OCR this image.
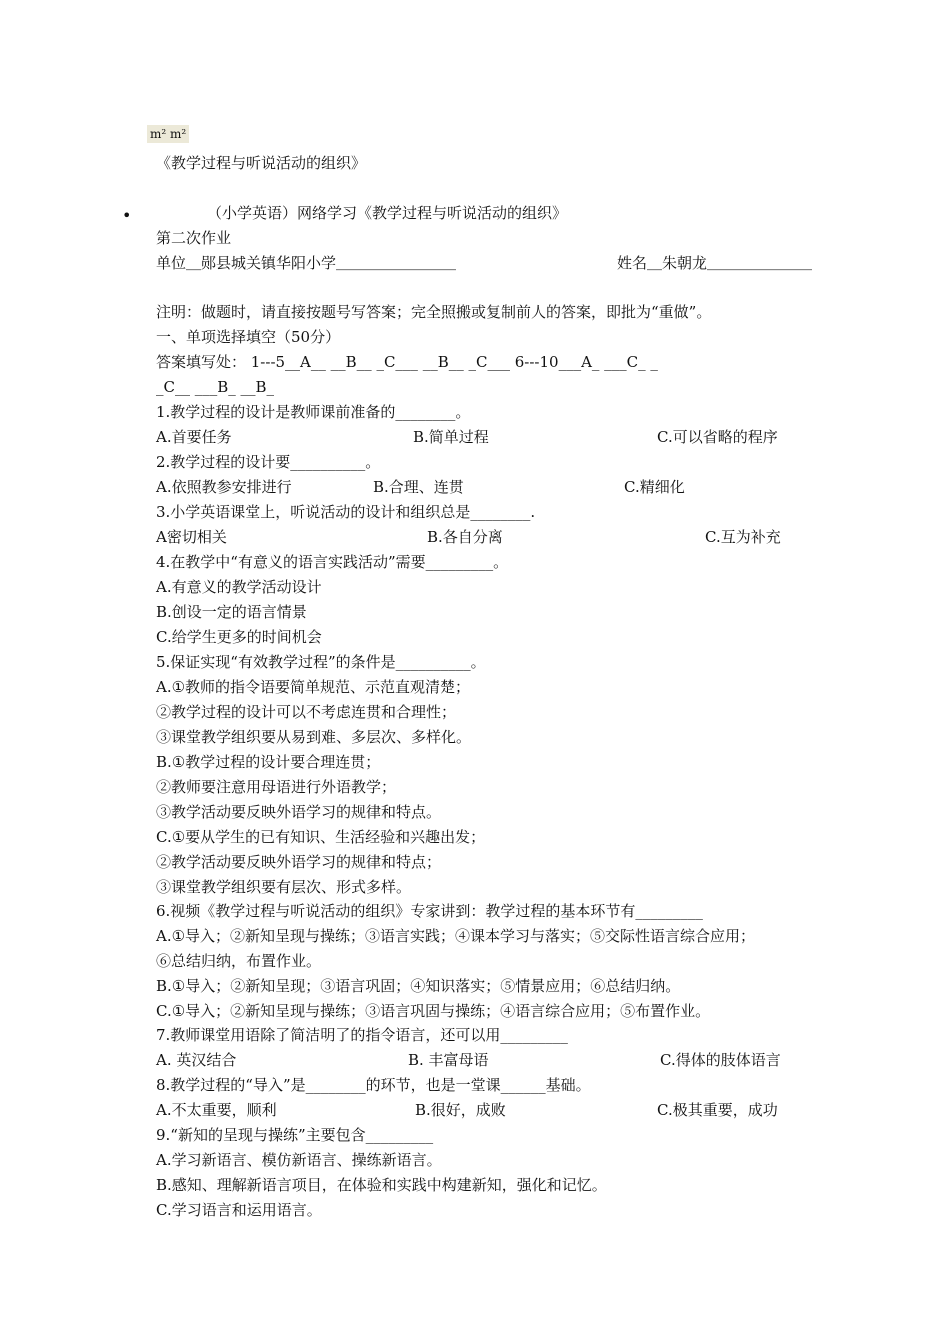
m² m²
《教学过程与听说活动的组织》
•	（小学英语）网络学习《教学过程与听说活动的组织》
第二次作业
单位＿郧县城关镇华阳小学＿＿＿＿＿＿＿＿	姓名＿朱朝龙＿＿＿＿＿＿＿
注明：做题时，请直接按题号写答案；完全照搬或复制前人的答案，即批为“重做”。
一、单项选择填空（50分）
答案填写处： 1---5__A__ __B__ _C___ __B__ _C___ 6---10___A_ ___C_ _
_C__ ___B_ __B_
1.教学过程的设计是教师课前准备的________。
A.首要任务	B.简单过程	C.可以省略的程序
2.教学过程的设计要__________。
A.依照教参安排进行	B.合理、连贯	C.精细化
3.小学英语课堂上，听说活动的设计和组织总是________.
A密切相关	B.各自分离	C.互为补充
4.在教学中“有意义的语言实践活动”需要_________。
A.有意义的教学活动设计
B.创设一定的语言情景
C.给学生更多的时间机会
5.保证实现“有效教学过程”的条件是__________。
A.①教师的指令语要简单规范、示范直观清楚；
②教学过程的设计可以不考虑连贯和合理性；
③课堂教学组织要从易到难、多层次、多样化。
B.①教学过程的设计要合理连贯；
②教师要注意用母语进行外语教学；
③教学活动要反映外语学习的规律和特点。
C.①要从学生的已有知识、生活经验和兴趣出发；
②教学活动要反映外语学习的规律和特点；
③课堂教学组织要有层次、形式多样。
6.视频《教学过程与听说活动的组织》专家讲到：教学过程的基本环节有_________
A.①导入；②新知呈现与操练；③语言实践；④课本学习与落实；⑤交际性语言综合应用；
⑥总结归纳，布置作业。
B.①导入；②新知呈现；③语言巩固；④知识落实；⑤情景应用；⑥总结归纳。
C.①导入；②新知呈现与操练；③语言巩固与操练；④语言综合应用；⑤布置作业。
7.教师课堂用语除了简洁明了的指令语言，还可以用_________
A. 英汉结合	B. 丰富母语	C.得体的肢体语言
8.教学过程的“导入”是________的环节，也是一堂课______基础。
A.不太重要，顺利	B.很好，成败	C.极其重要，成功
9.“新知的呈现与操练”主要包含_________
A.学习新语言、模仿新语言、操练新语言。
B.感知、理解新语言项目，在体验和实践中构建新知，强化和记忆。
C.学习语言和运用语言。
